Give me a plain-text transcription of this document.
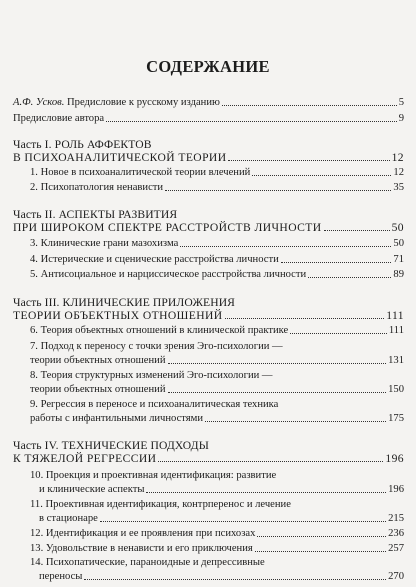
СОДЕРЖАНИЕ
А.Ф. Усков. Предисловие к русскому изданию	5
Предисловие автора	9
Часть I. РОЛЬ АФФЕКТОВ
В ПСИХОАНАЛИТИЧЕСКОЙ ТЕОРИИ	12
1. Новое в психоаналитической теории влечений	12
2. Психопатология ненависти	35
Часть II. АСПЕКТЫ РАЗВИТИЯ
ПРИ ШИРОКОМ СПЕКТРЕ РАССТРОЙСТВ ЛИЧНОСТИ	50
3. Клинические грани мазохизма	50
4. Истерические и сценические расстройства личности	71
5. Антисоциальное и нарциссическое расстройства личности	89
Часть III. КЛИНИЧЕСКИЕ ПРИЛОЖЕНИЯ
ТЕОРИИ ОБЪЕКТНЫХ ОТНОШЕНИЙ	111
6. Теория объектных отношений в клинической практике	111
7. Подход к переносу с точки зрения Эго-психологии —
теории объектных отношений	131
8. Теория структурных изменений Эго-психологии —
теории объектных отношений	150
9. Регрессия в переносе и психоаналитическая техника
работы с инфантильными личностями	175
Часть IV. ТЕХНИЧЕСКИЕ ПОДХОДЫ
К ТЯЖЕЛОЙ РЕГРЕССИИ	196
10. Проекция и проективная идентификация: развитие
и клинические аспекты	196
11. Проективная идентификация, контрперенос и лечение
в стационаре	215
12. Идентификация и ее проявления при психозах	236
13. Удовольствие в ненависти и его приключения	257
14. Психопатические, параноидные и депрессивные
переносы	270
